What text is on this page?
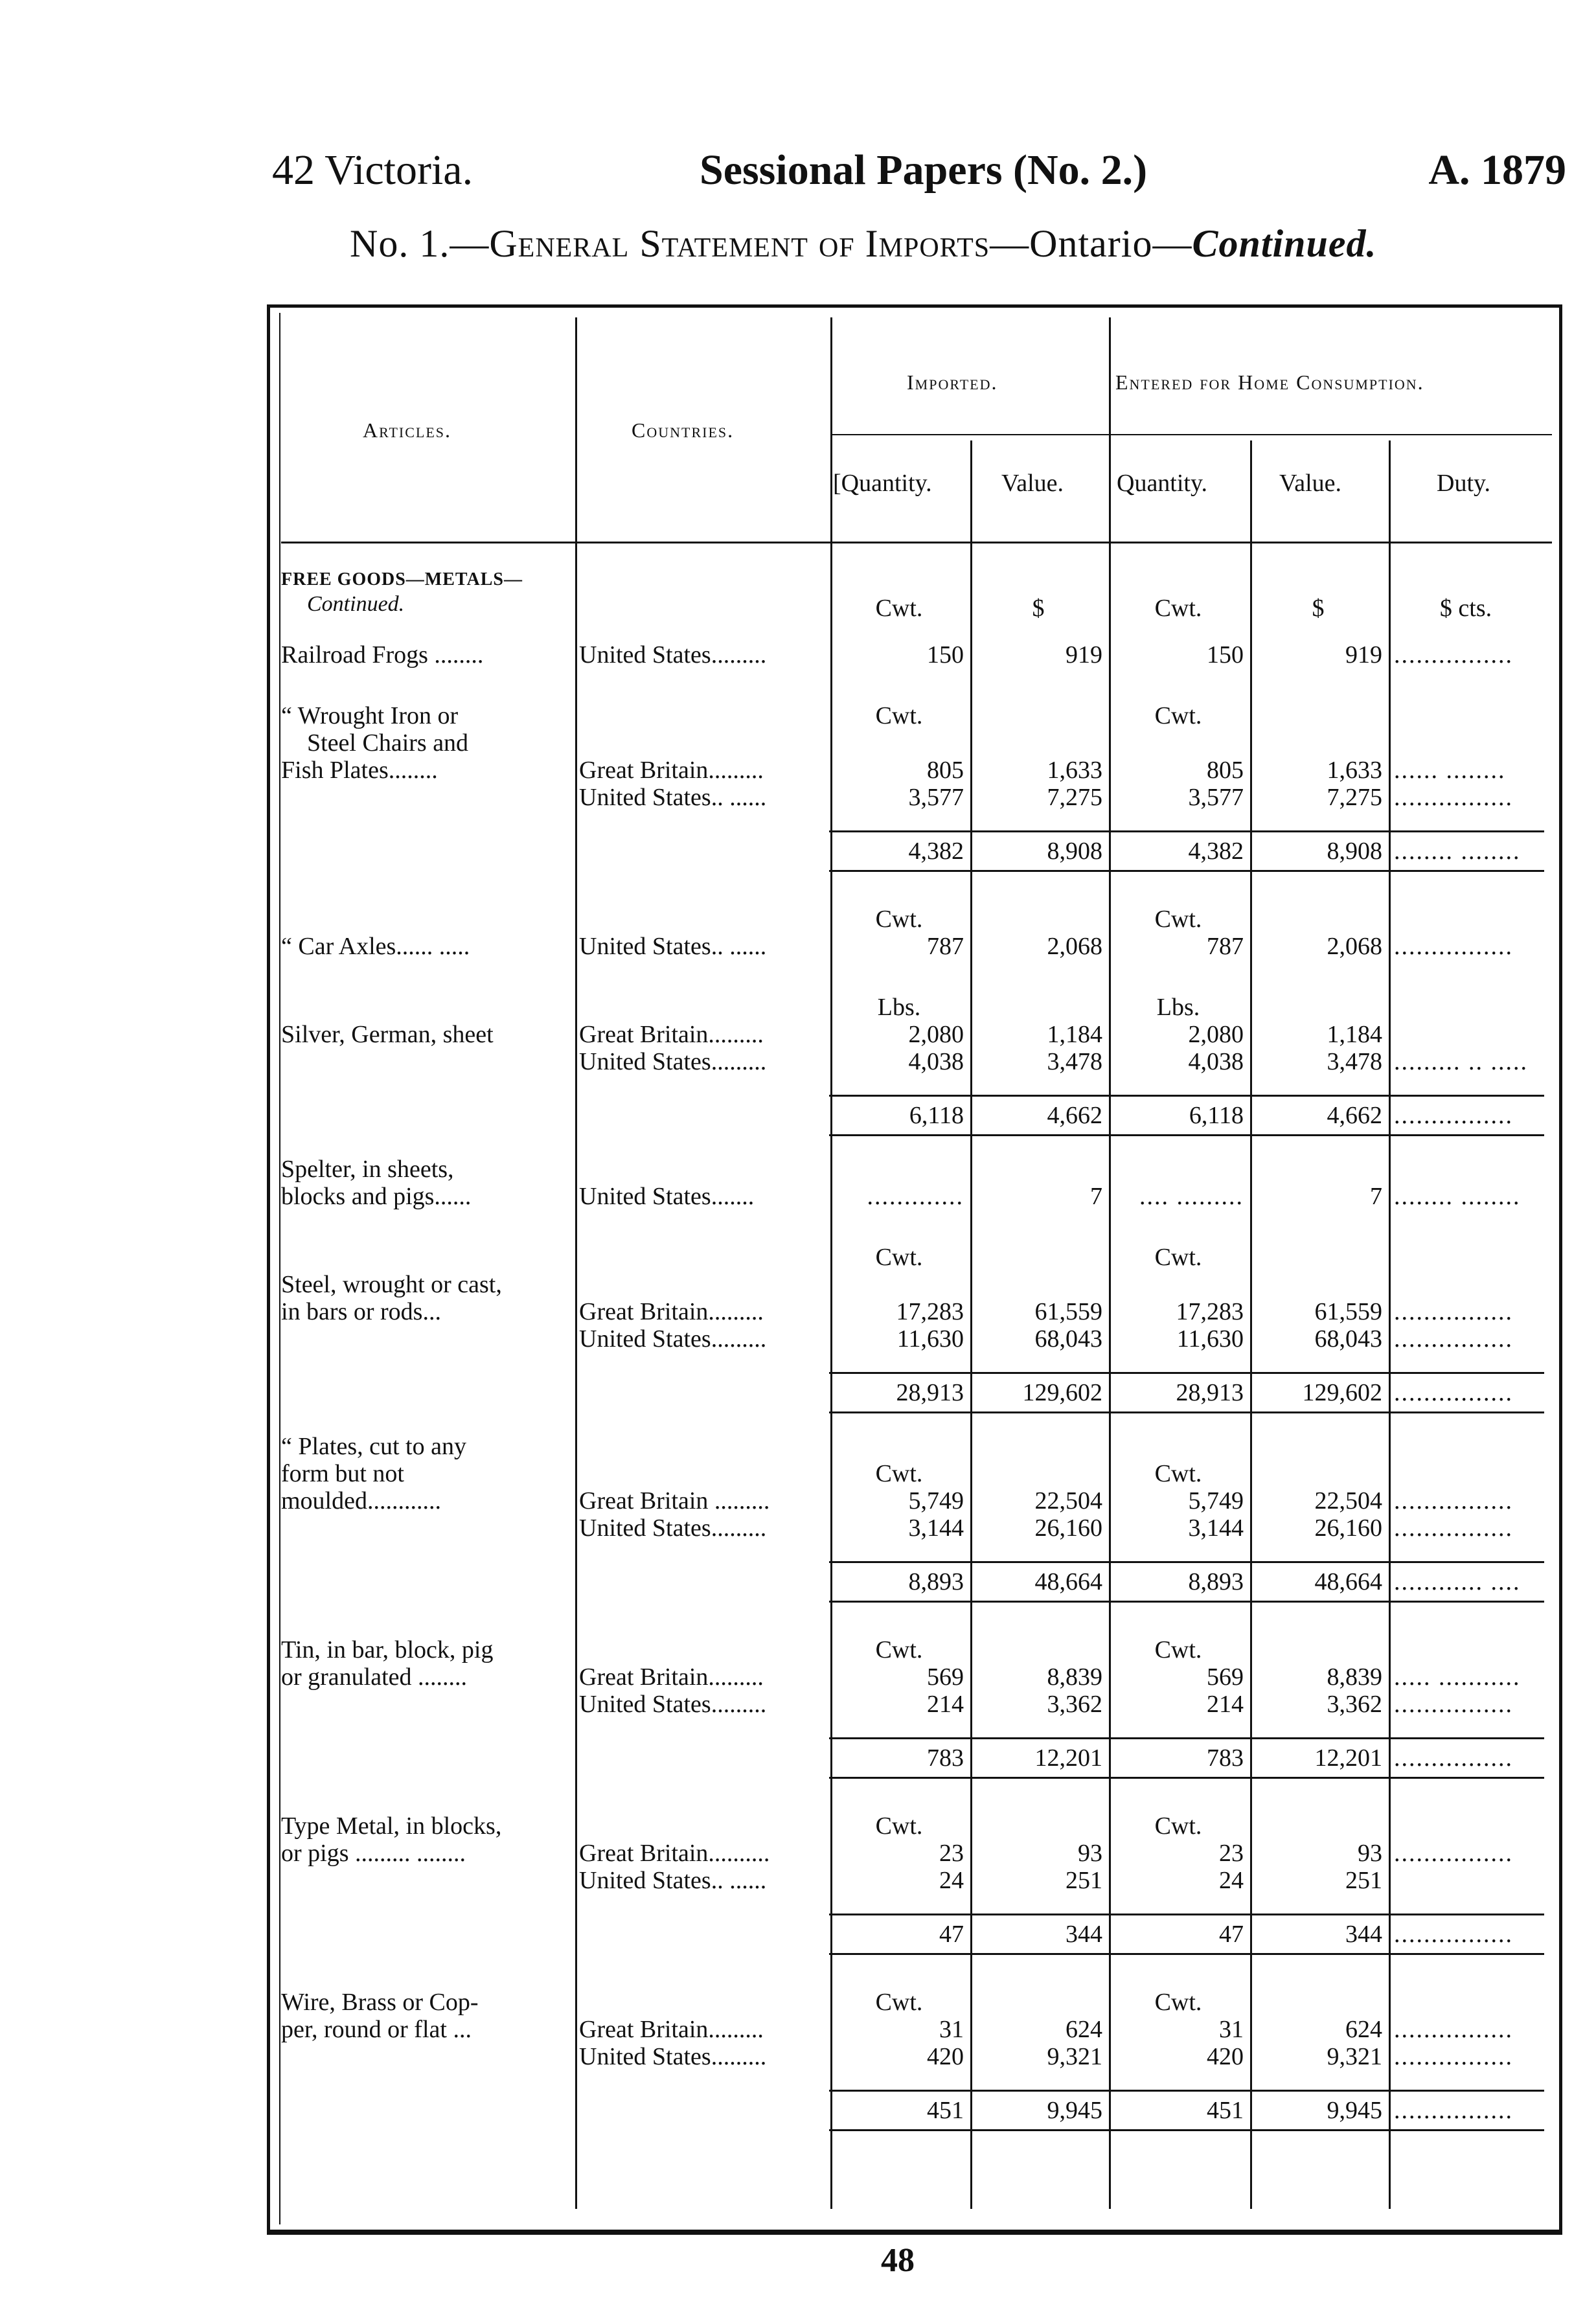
42 Victoria.	Sessional Papers (No. 2.)	A. 1879
No. 1.—General Statement of Imports—Ontario—Continued.
Articles.	Countries.
Imported.	Entered for Home Consumption.
[Quantity.	Value. Quantity.	Value.	Duty.
FREE GOODS—METALS—
Continued.		Cwt.	$	Cwt.	$	$ cts.

Railroad Frogs ........	United States.........	150	919	150	919	................

“ Wrought Iron or
Steel Chairs and		Cwt.		Cwt.		

Fish Plates........	Great Britain.........	805	1,633	805	1,633	...... ........
	United States.. ......	3,577	7,275	3,577	7,275	................

		4,382	8,908	4,382	8,908	........ ........

		Cwt.		Cwt.		
“ Car Axles...... .....	United States.. ......	787	2,068	787	2,068	................

		Lbs.		Lbs.		
Silver, German, sheet	Great Britain.........	2,080	1,184	2,080	1,184	
	United States.........	4,038	3,478	4,038	3,478	......... .. .....

		6,118	4,662	6,118	4,662	................

Spelter, in sheets,						
blocks and pigs......	United States.......	.............	7	.... .........	7	........ ........

		Cwt.		Cwt.		
Steel, wrought or cast,						
in bars or rods...	Great Britain.........	17,283	61,559	17,283	61,559	................
	United States.........	11,630	68,043	11,630	68,043	................

		28,913	129,602	28,913	129,602	................

“ Plates, cut to any						
form but not		Cwt.		Cwt.		
moulded............	Great Britain .........	5,749	22,504	5,749	22,504	................
	United States.........	3,144	26,160	3,144	26,160	................

		8,893	48,664	8,893	48,664	............ ....

Tin, in bar, block, pig		Cwt.		Cwt.		
or granulated ........	Great Britain.........	569	8,839	569	8,839	..... ...........
	United States.........	214	3,362	214	3,362	................

		783	12,201	783	12,201	................

Type Metal, in blocks,		Cwt.		Cwt.		
or pigs ......... ........	Great Britain..........	23	93	23	93	................
	United States.. ......	24	251	24	251	

		47	344	47	344	................

Wire, Brass or Cop-		Cwt.		Cwt.		
per, round or flat ...	Great Britain.........	31	624	31	624	................
	United States.........	420	9,321	420	9,321	................

		451	9,945	451	9,945	................
48
